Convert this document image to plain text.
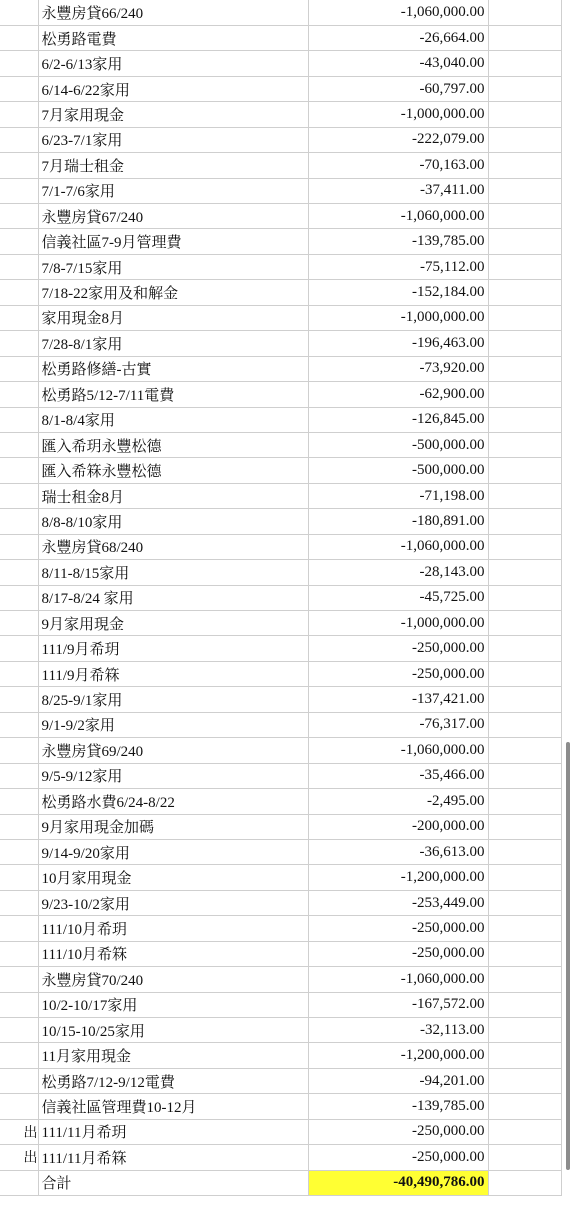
	永豐房貸66/240	-1,060,000.00	
	松勇路電費	-26,664.00	
	6/2-6/13家用	-43,040.00	
	6/14-6/22家用	-60,797.00	
	7月家用現金	-1,000,000.00	
	6/23-7/1家用	-222,079.00	
	7月瑞士租金	-70,163.00	
	7/1-7/6家用	-37,411.00	
	永豐房貸67/240	-1,060,000.00	
	信義社區7-9月管理費	-139,785.00	
	7/8-7/15家用	-75,112.00	
	7/18-22家用及和解金	-152,184.00	
	家用現金8月	-1,000,000.00	
	7/28-8/1家用	-196,463.00	
	松勇路修繕-古實	-73,920.00	
	松勇路5/12-7/11電費	-62,900.00	
	8/1-8/4家用	-126,845.00	
	匯入希玥永豐松德	-500,000.00	
	匯入希箖永豐松德	-500,000.00	
	瑞士租金8月	-71,198.00	
	8/8-8/10家用	-180,891.00	
	永豐房貸68/240	-1,060,000.00	
	8/11-8/15家用	-28,143.00	
	8/17-8/24 家用	-45,725.00	
	9月家用現金	-1,000,000.00	
	111/9月希玥	-250,000.00	
	111/9月希箖	-250,000.00	
	8/25-9/1家用	-137,421.00	
	9/1-9/2家用	-76,317.00	
	永豐房貸69/240	-1,060,000.00	
	9/5-9/12家用	-35,466.00	
	松勇路水費6/24-8/22	-2,495.00	
	9月家用現金加碼	-200,000.00	
	9/14-9/20家用	-36,613.00	
	10月家用現金	-1,200,000.00	
	9/23-10/2家用	-253,449.00	
	111/10月希玥	-250,000.00	
	111/10月希箖	-250,000.00	
	永豐房貸70/240	-1,060,000.00	
	10/2-10/17家用	-167,572.00	
	10/15-10/25家用	-32,113.00	
	11月家用現金	-1,200,000.00	
	松勇路7/12-9/12電費	-94,201.00	
	信義社區管理費10-12月	-139,785.00	
出	111/11月希玥	-250,000.00	
出	111/11月希箖	-250,000.00	
	合計	-40,490,786.00	
